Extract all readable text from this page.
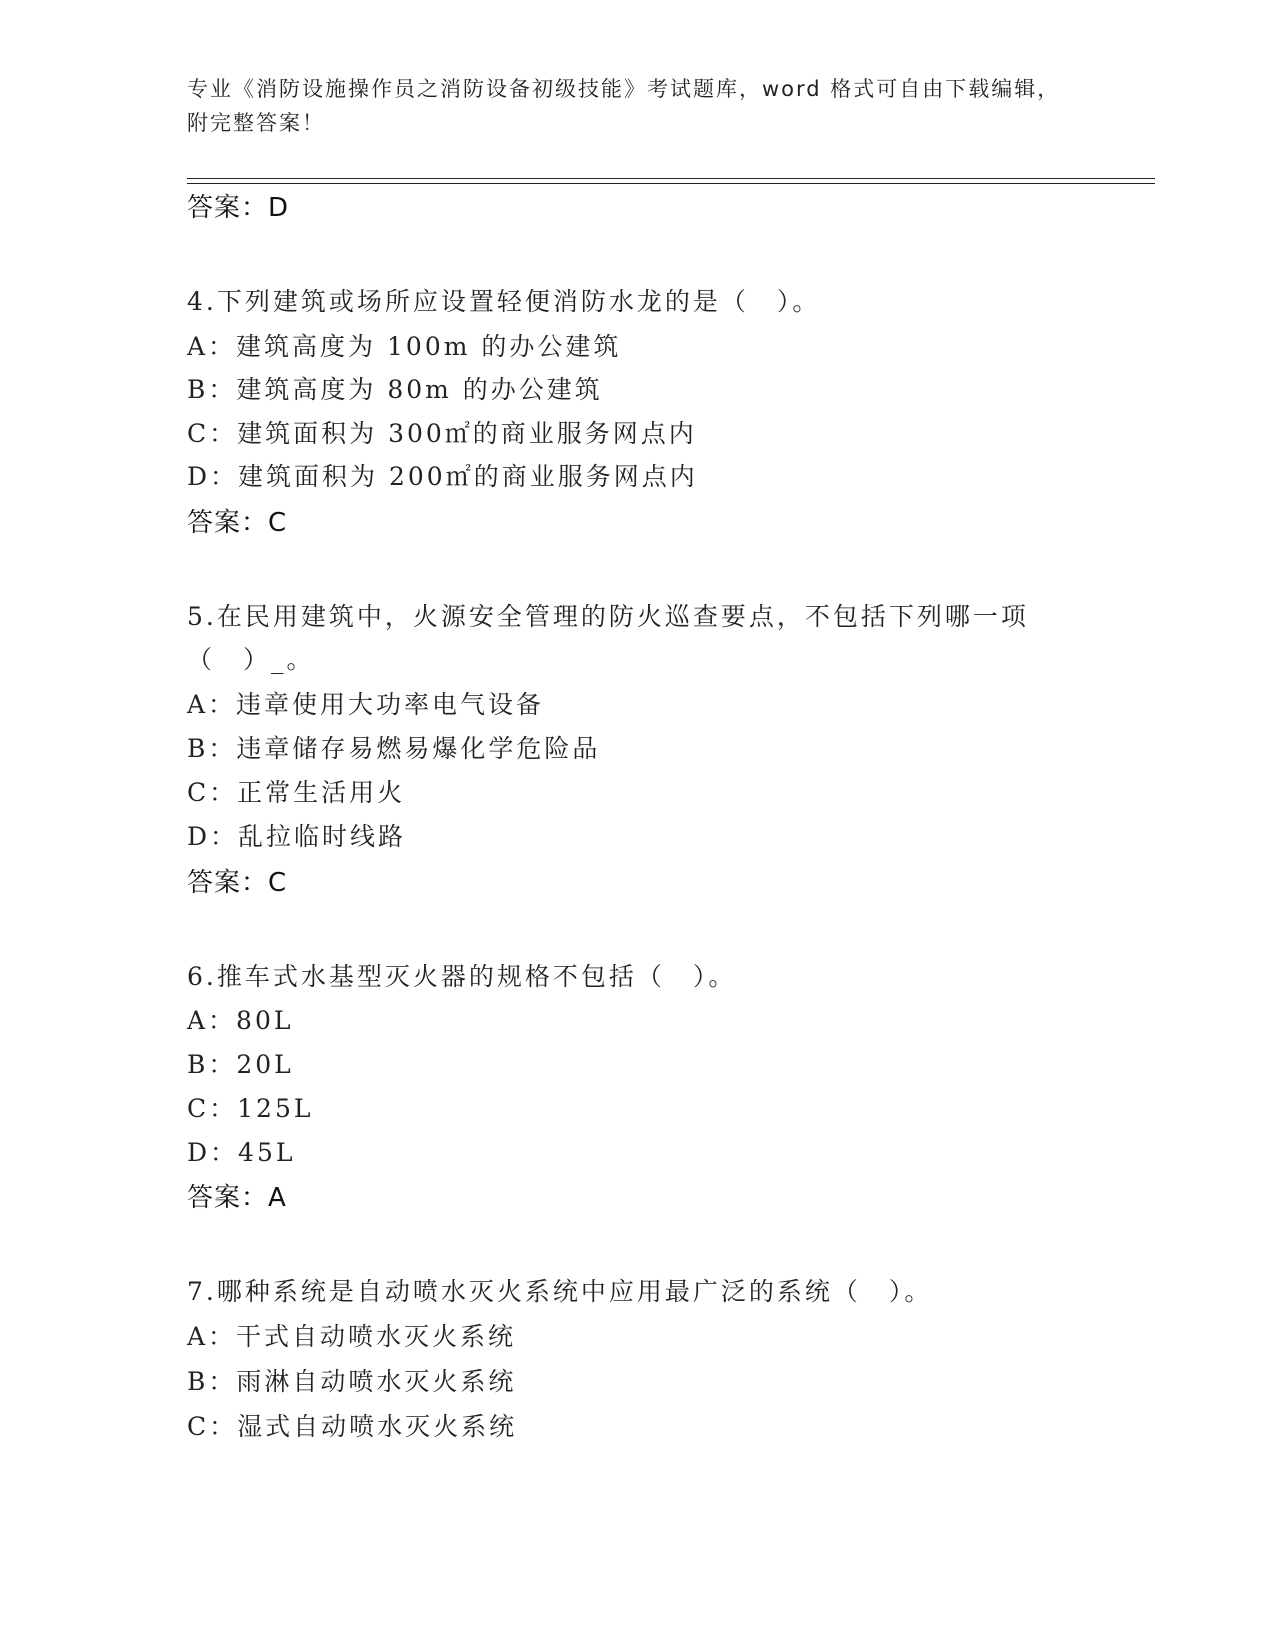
专业《消防设施操作员之消防设备初级技能》考试题库，word 格式可自由下载编辑，附完整答案！
答案：D
4.下列建筑或场所应设置轻便消防水龙的是（　）。
A：建筑高度为 100m 的办公建筑
B：建筑高度为 80m 的办公建筑
C：建筑面积为 300㎡的商业服务网点内
D：建筑面积为 200㎡的商业服务网点内
答案：C
5.在民用建筑中，火源安全管理的防火巡查要点，不包括下列哪一项
（　）_。
A：违章使用大功率电气设备
B：违章储存易燃易爆化学危险品
C：正常生活用火
D：乱拉临时线路
答案：C
6.推车式水基型灭火器的规格不包括（　）。
A：80L
B：20L
C：125L
D：45L
答案：A
7.哪种系统是自动喷水灭火系统中应用最广泛的系统（　）。
A：干式自动喷水灭火系统
B：雨淋自动喷水灭火系统
C：湿式自动喷水灭火系统
